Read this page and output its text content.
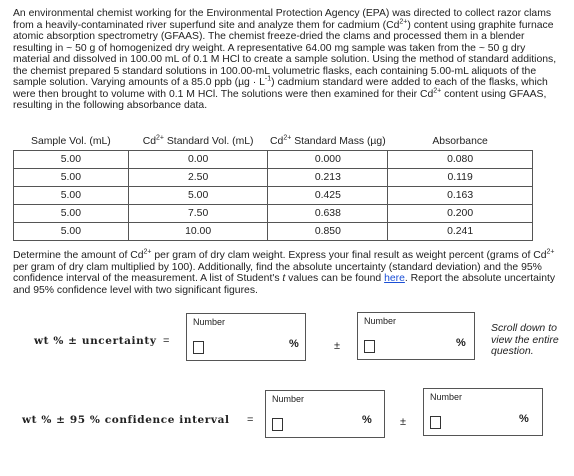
An environmental chemist working for the Environmental Protection Agency (EPA) was directed to collect razor clams from a heavily-contaminated river superfund site and analyze them for cadmium $(Cd^{2+})$ content using graphite furnace atomic absorption spectrometry (GFAAS). The chemist freeze-dried the clams and processed them in a blender resulting in ~ 50 g of homogenized dry weight. A representative 64.00 mg sample was taken from the ~ 50 g dry material and dissolved in 100.00 mL of 0.1 M HCl to create a sample solution. Using the method of standard additions, the chemist prepared 5 standard solutions in 100.00-mL volumetric flasks, each containing 5.00-mL aliquots of the sample solution. Varying amounts of a 85.0 ppb $(\mu g \cdot L^{-1})$ cadmium standard were added to each of the flasks, which were then brought to volume with 0.1 M HCl. The solutions were then examined for their $Cd^{2+}$ content using GFAAS, resulting in the following absorbance data.

Sample Vol. (mL)	$Cd^{2+}$ Standard Vol. (mL)	$Cd^{2+}$ Standard Mass (µg)	Absorbance
5.00	0.00	0.000	0.080
5.00	2.50	0.213	0.119
5.00	5.00	0.425	0.163
5.00	7.50	0.638	0.200
5.00	10.00	0.850	0.241

Determine the amount of $Cd^{2+}$ per gram of dry clam weight. Express your final result as weight percent (grams of $Cd^{2+}$ per gram of dry clam multiplied by 100). Additionally, find the absolute uncertainty (standard deviation) and the 95% confidence interval of the measurement. A list of Student's t values can be found here. Report the absolute uncertainty and 95% confidence level with two significant figures.

wt % ± uncertainty =
Number
%	±
Number
%
Scroll down to view the entire question.
wt % ± 95 % confidence interval =
Number
%	±
Number
%
